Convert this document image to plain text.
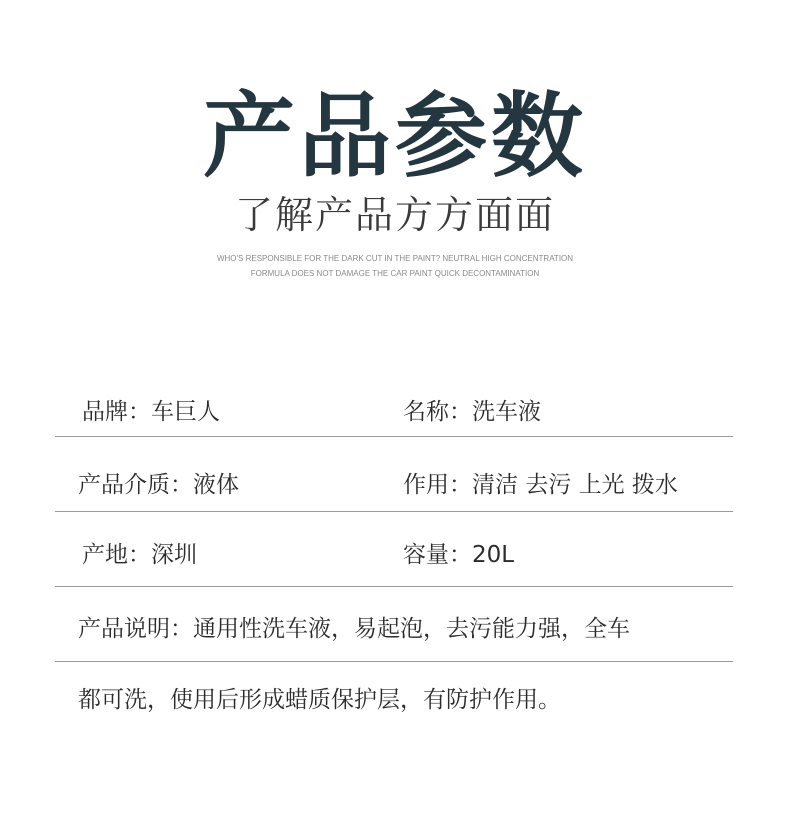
产品参数
了解产品方方面面
WHO'S RESPONSIBLE FOR THE DARK CUT IN THE PAINT? NEUTRAL HIGH CONCENTRATION
FORMULA DOES NOT DAMAGE THE CAR PAINT QUICK DECONTAMINATION
品牌：车巨人	名称：洗车液
产品介质：液体	作用：清洁 去污 上光 拨水
产地：深圳	容量：20L
产品说明：通用性洗车液，易起泡，去污能力强，全车
都可洗，使用后形成蜡质保护层，有防护作用。
